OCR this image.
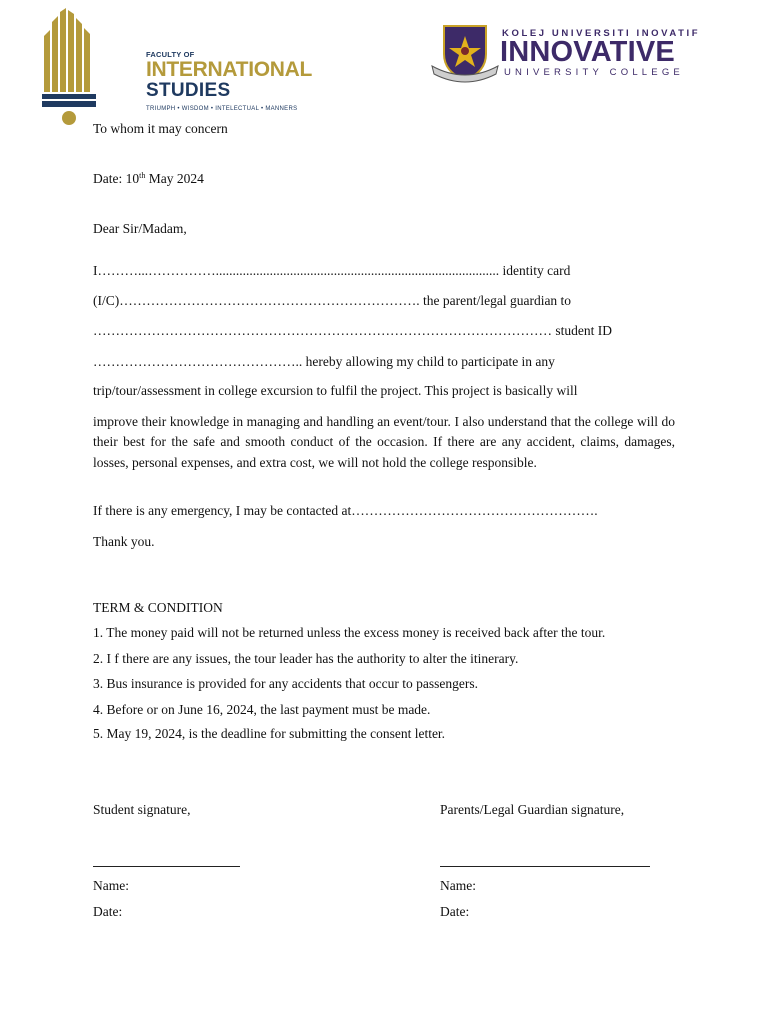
FACULTY OF
INTERNATIONAL
STUDIES
TRIUMPH • WISDOM • INTELECTUAL • MANNERS
KOLEJ UNIVERSITI INOVATIF
INNOVATIVE
UNIVERSITY COLLEGE
To whom it may concern
Date: 10th May 2024
Dear Sir/Madam,
I………...…………….................................................................................... identity card
(I/C)…………………………………………………………. the parent/legal guardian to
………………………………………………………………………………………… student ID
……………………………………….. hereby allowing my child to participate in any
trip/tour/assessment in college excursion to fulfil the project. This project is basically will
improve their knowledge in managing and handling an event/tour. I also understand that the college will do their best for the safe and smooth conduct of the occasion. If there are any accident, claims, damages, losses, personal expenses, and extra cost, we will not hold the college responsible.
If there is any emergency, I may be contacted at……………………………………………….
Thank you.
TERM & CONDITION
1. The money paid will not be returned unless the excess money is received back after the tour.
2. I f there are any issues, the tour leader has the authority to alter the itinerary.
3. Bus insurance is provided for any accidents that occur to passengers.
4. Before or on June 16, 2024, the last payment must be made.
5. May 19, 2024, is the deadline for submitting the consent letter.
Student signature,	Parents/Legal Guardian signature,
Name:	Name:
Date:	Date:
